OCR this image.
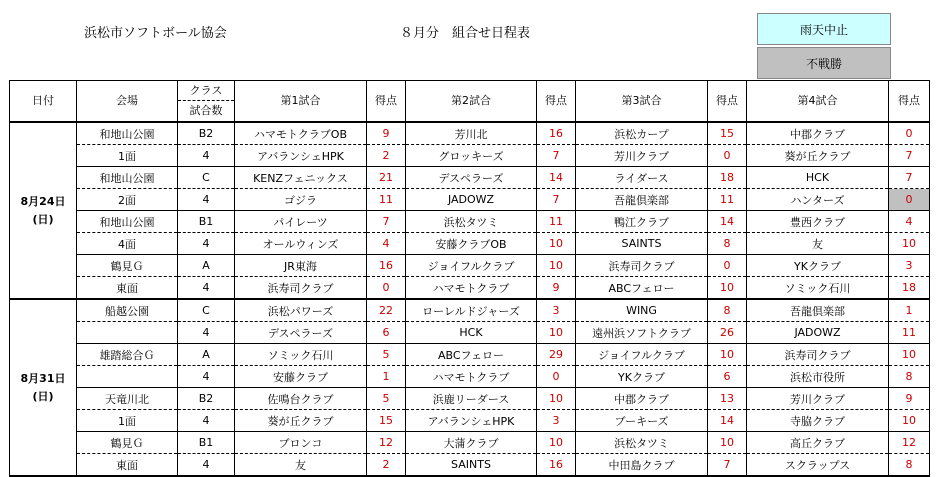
浜松市ソフトボール協会	８月分　組合せ日程表	雨天中止
不戦勝
日付	会場	クラス
試合数	第1試合	得点	第2試合	得点	第3試合	得点	第4試合	得点

8月24日
(日)	和地山公園	B2	ハマモトクラブOB	9	芳川北	16	浜松カープ	15	中郡クラブ	0
	1面	4	アバランシェHPK	2	グロッキーズ	7	芳川クラブ	0	葵が丘クラブ	7
	和地山公園	C	KENZフェニックス	21	デスペラーズ	14	ライダース	18	HCK	7
	2面	4	ゴジラ	11	JADOWZ	7	吾龍倶楽部	11	ハンターズ	0
	和地山公園	B1	パイレーツ	7	浜松タツミ	11	鴨江クラブ	14	豊西クラブ	4
	4面	4	オールウィンズ	4	安藤クラブOB	10	SAINTS	8	友	10
	鶴見Ｇ	A	JR東海	16	ジョイフルクラブ	10	浜寿司クラブ	0	YKクラブ	3
	東面	4	浜寿司クラブ	0	ハマモトクラブ	9	ABCフェロー	10	ソミック石川	18

8月31日
(日)	船越公園	C	浜松パワーズ	22	ローレルドジャーズ	3	WING	8	吾龍倶楽部	1
		4	デスペラーズ	6	HCK	10	遠州浜ソフトクラブ	26	JADOWZ	11
	雄踏総合Ｇ	A	ソミック石川	5	ABCフェロー	29	ジョイフルクラブ	10	浜寿司クラブ	10
		4	安藤クラブ	1	ハマモトクラブ	0	YKクラブ	6	浜松市役所	8
	天竜川北	B2	佐鳴台クラブ	5	浜鹿リーダース	10	中郡クラブ	13	芳川クラブ	9
	1面	4	葵が丘クラブ	15	アバランシェHPK	3	ブーキーズ	14	寺脇クラブ	10
	鶴見Ｇ	B1	ブロンコ	12	大蒲クラブ	10	浜松タツミ	10	高丘クラブ	12
	東面	4	友	2	SAINTS	16	中田島クラブ	7	スクラップス	8
